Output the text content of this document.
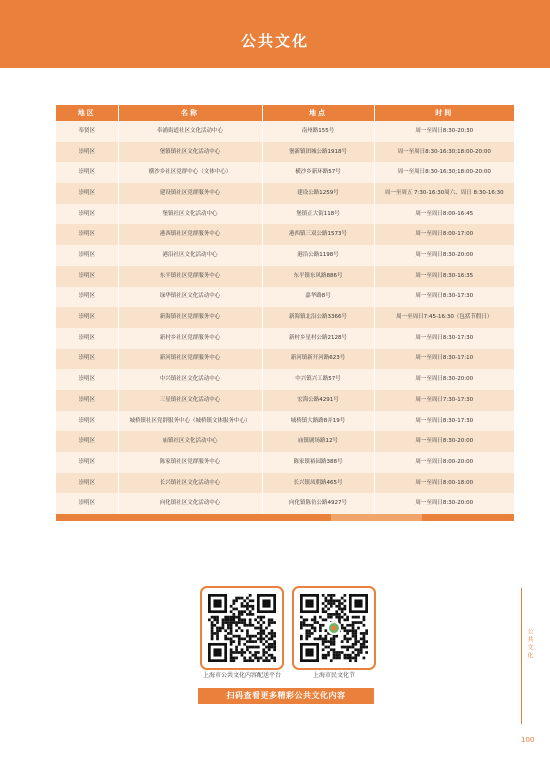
公共文化
地区	名称	地点	时间
奉贤区	奉浦街道社区文化活动中心	南州路155号	周一至周日8:30-20:30
崇明区	堡镇镇社区文化活动中心	堡新镇团城公路1918号	周一至周日8:30-16:30;18:00-20:00
崇明区	横沙乡社区党群中心（文体中心）	横沙乡新环路57号	周一至周日8:30-16:30;18:00-20:00
崇明区	建设镇社区党群服务中心	建设公路1259号	周一至周五 7:30-16:30周六、周日 8:30-16:30
崇明区	堡镇社区文化活动中心	堡镇正大街118号	周一至周日8:00-16:45
崇明区	港西镇社区党群服务中心	港西镇三双公路1573号	周一至周日8:00-17:00
崇明区	港沿社区文化活动中心	港沿公路1198号	周一至周日8:30-20:00
崇明区	东平镇社区党群服务中心	东平镇东风路886号	周一至周日8:30-16:35
崇明区	绿华镇社区文化活动中心	嘉华路8号	周一至周日8:30-17:30
崇明区	新海镇社区党群服务中心	新海镇北沿公路3366号	周一至周日7:45-16:30（包括节假日）
崇明区	新村乡社区党群服务中心	新村乡星村公路2128号	周一至周日8:30-17:30
崇明区	新河镇社区党群服务中心	新河镇新开河路623号	周一至周日8:30-17:10
崇明区	中兴镇社区文化活动中心	中兴镇兴工路57号	周一至周日8:30-20:00
崇明区	三星镇社区文化活动中心	宏海公路4291号	周一至周日7:30-17:30
崇明区	城桥镇社区党群服务中心（城桥镇文体服务中心）	城桥镇大路路8弄19号	周一至周日8:30-17:30
崇明区	庙镇社区文化活动中心	庙镇剧场路12号	周一至周日8:30-20:00
崇明区	陈家镇社区党群服务中心	陈家镇裕园路388号	周一至周日8:00-20:00
崇明区	长兴镇社区文化活动中心	长兴镇凤朝路465号	周一至周日8:00-18:00
崇明区	向化镇社区文化活动中心	向化镇陈彷公路4927号	周一至周日8:30-20:00
上海市公共文化内容配送平台	上海市民文化节
扫码查看更多精彩公共文化内容
公共文化
100
